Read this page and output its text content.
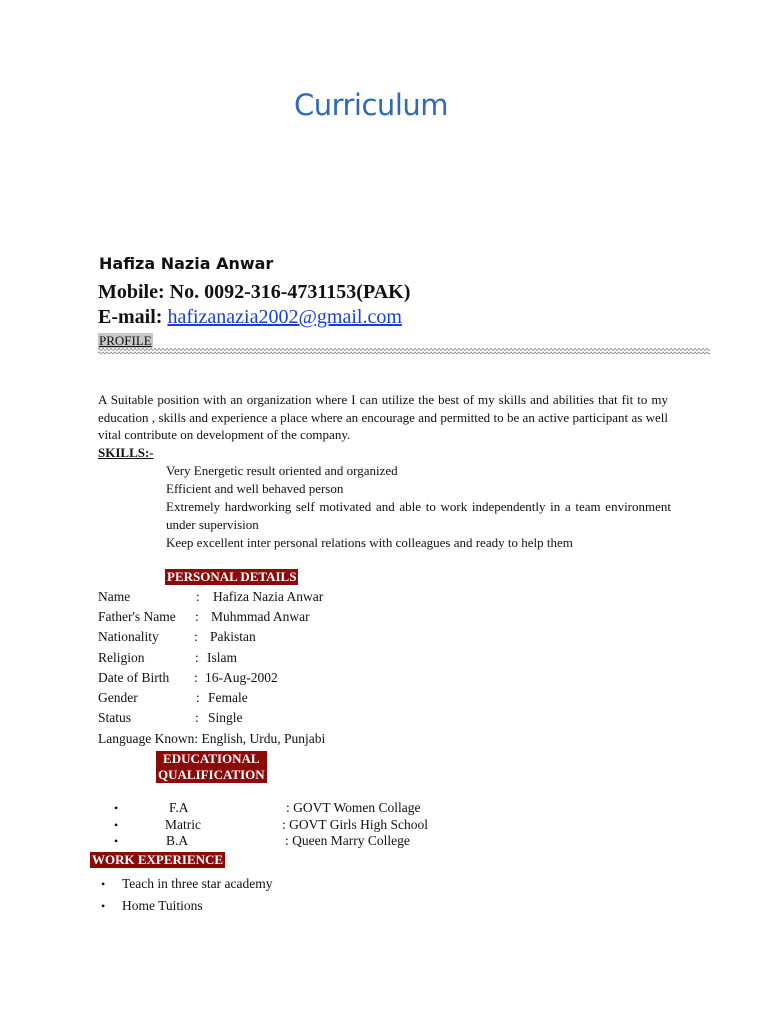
Curriculum
Hafiza Nazia Anwar
Mobile: No. 0092-316-4731153(PAK)
E-mail: hafizanazia2002@gmail.com
PROFILE
A Suitable position with an organization where I can utilize the best of my skills and abilities that fit to my education , skills and experience a place where an encourage and permitted to be an active participant as well vital contribute on development of the company.
SKILLS:-
Very Energetic result oriented and organized
Efficient and well behaved person
Extremely hardworking self motivated and able to work independently in a team environment under supervision
Keep excellent inter personal relations with colleagues and ready to help them
PERSONAL DETAILS
Name	: Hafiza Nazia Anwar
Father's Name : Muhmmad Anwar
Nationality	: Pakistan
Religion	: Islam
Date of Birth : 16-Aug-2002
Gender	: Female
Status	: Single
Language Known: English, Urdu, Punjabi
EDUCATIONAL
QUALIFICATION
•	F.A	: GOVT Women Collage
•	Matric	: GOVT Girls High School
•	B.A	: Queen Marry College
WORK EXPERIENCE
• Teach in three star academy
• Home Tuitions
